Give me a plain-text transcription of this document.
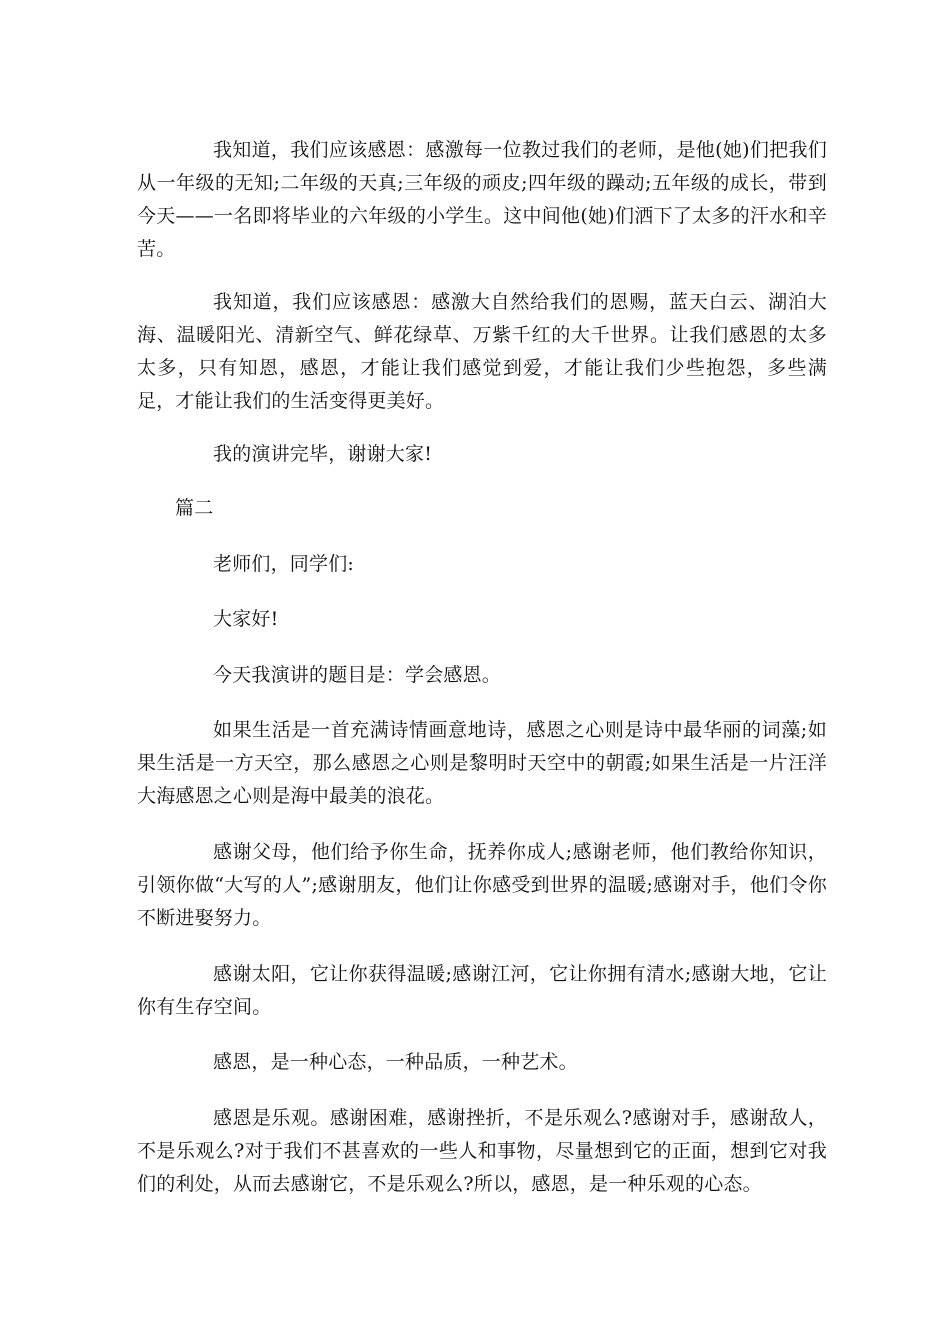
我知道，我们应该感恩：感激每一位教过我们的老师，是他(她)们把我们从一年级的无知;二年级的天真;三年级的顽皮;四年级的躁动;五年级的成长，带到今天——一名即将毕业的六年级的小学生。这中间他(她)们洒下了太多的汗水和辛苦。

我知道，我们应该感恩：感激大自然给我们的恩赐，蓝天白云、湖泊大海、温暖阳光、清新空气、鲜花绿草、万紫千红的大千世界。让我们感恩的太多太多，只有知恩，感恩，才能让我们感觉到爱，才能让我们少些抱怨，多些满足，才能让我们的生活变得更美好。

我的演讲完毕，谢谢大家!

篇二

老师们，同学们:

大家好!

今天我演讲的题目是：学会感恩。

如果生活是一首充满诗情画意地诗，感恩之心则是诗中最华丽的词藻;如果生活是一方天空，那么感恩之心则是黎明时天空中的朝霞;如果生活是一片汪洋大海感恩之心则是海中最美的浪花。

感谢父母，他们给予你生命，抚养你成人;感谢老师，他们教给你知识，引领你做“大写的人”;感谢朋友，他们让你感受到世界的温暖;感谢对手，他们令你不断进娶努力。

感谢太阳，它让你获得温暖;感谢江河，它让你拥有清水;感谢大地，它让你有生存空间。

感恩，是一种心态，一种品质，一种艺术。

感恩是乐观。感谢困难，感谢挫折，不是乐观么?感谢对手，感谢敌人，不是乐观么?对于我们不甚喜欢的一些人和事物，尽量想到它的正面，想到它对我们的利处，从而去感谢它，不是乐观么?所以，感恩，是一种乐观的心态。
